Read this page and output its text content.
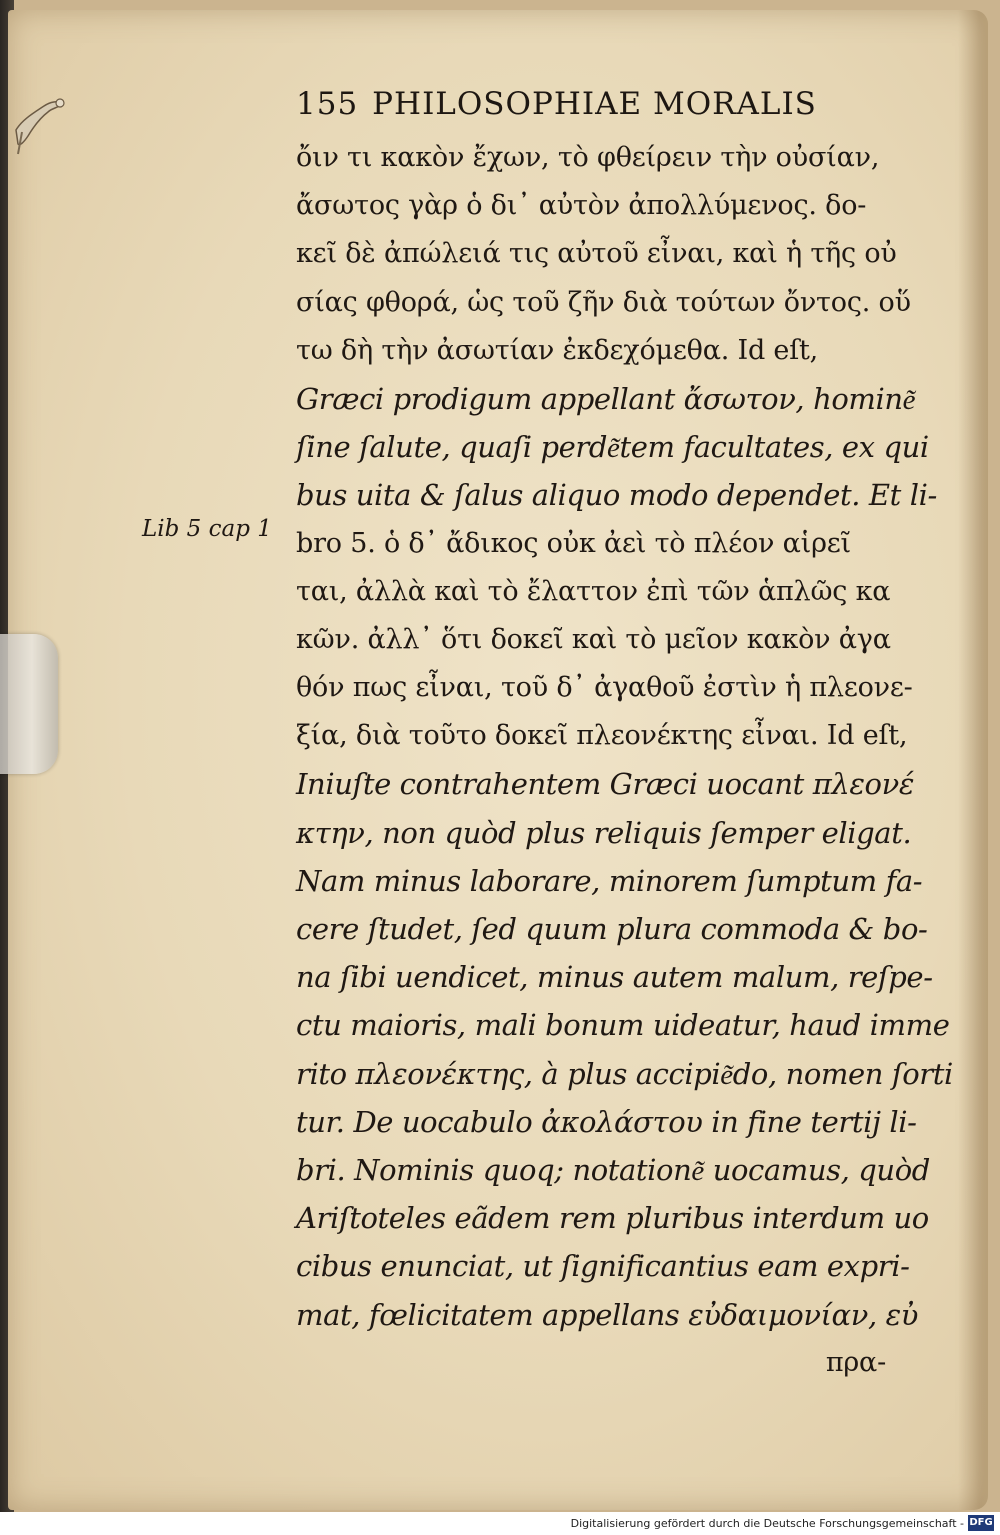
155 PHILOSOPHIAE MORALIS
Lib 5 cap 1
ὄιν τι κακὸν ἔχων, τὸ φθείρειν τὴν οὐσίαν,
ἄσωτος γὰρ ὁ δι᾽ αὐτὸν ἀπολλύμενος. δο-
κεῖ δὲ ἀπώλειά τις αὐτοῦ εἶναι, καὶ ἡ τῆς οὐ
σίας φθορά, ὡς τοῦ ζῆν διὰ τούτων ὄντος. οὕ
τω δὴ τὴν ἀσωτίαν ἐκδεχόμεθα. Id eſt,
Græci prodigum appellant ἄσωτον, homine͂
ſine ſalute, quaſi perde͂tem facultates, ex qui
bus uita & ſalus aliquo modo dependet. Et li-
bro 5. ὁ δ᾽ ἄδικος οὐκ ἀεὶ τὸ πλέον αἱρεῖ
ται, ἀλλὰ καὶ τὸ ἔλαττον ἐπὶ τῶν ἁπλῶς κα
κῶν. ἀλλ᾽ ὅτι δοκεῖ καὶ τὸ μεῖον κακὸν ἀγα
θόν πως εἶναι, τοῦ δ᾽ ἀγαθοῦ ἐστὶν ἡ πλεονε-
ξία, διὰ τοῦτο δοκεῖ πλεονέκτης εἶναι. Id eſt,
Iniuſte contrahentem Græci uocant πλεονέ
κτην, non quòd plus reliquis ſemper eligat.
Nam minus laborare, minorem ſumptum fa-
cere ſtudet, ſed quum plura commoda & bo-
na ſibi uendicet, minus autem malum, reſpe-
ctu maioris, mali bonum uideatur, haud imme
rito πλεονέκτης, à plus accipie͂do, nomen ſorti
tur. De uocabulo ἀκολάστου in fine tertij li-
bri. Nominis quoq; notatione͂ uocamus, quòd
Ariſtoteles eãdem rem pluribus interdum uo
cibus enunciat, ut ſignificantius eam expri-
mat, fœlicitatem appellans εὐδαιμονίαν, εὐ
πρα-
Digitalisierung gefördert durch die Deutsche Forschungsgemeinschaft - DFG
